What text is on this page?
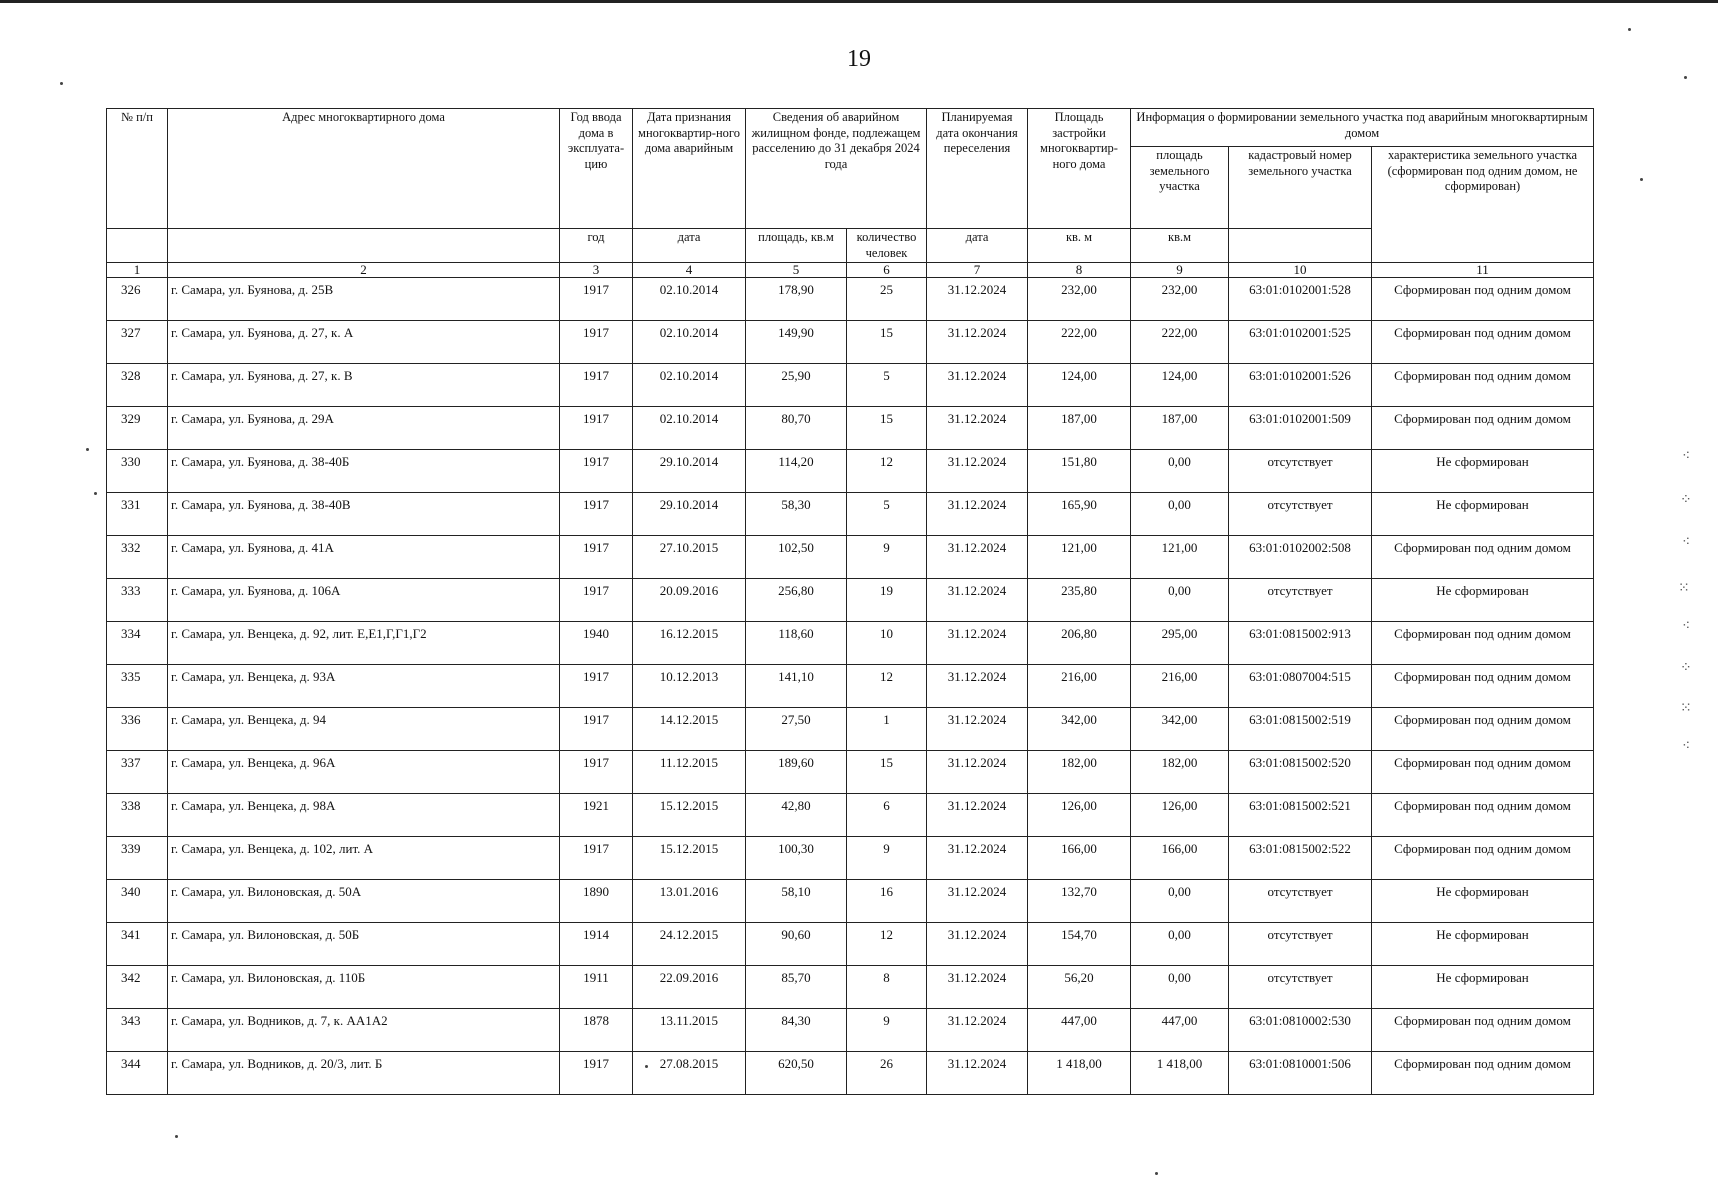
19
№ п/п	Адрес многоквартирного дома	Год ввода дома в эксплуата-цию	Дата признания многоквартир-ного дома аварийным	Сведения об аварийном жилищном фонде, подлежащем расселению до 31 декабря 2024 года		Планируемая дата окончания переселения	Площадь застройки многоквартир-ного дома	Информация о формировании земельного участка под аварийным многоквартирным домом		
								площадь земельного участка	кадастровый номер земельного участка	характеристика земельного участка (сформирован под одним домом, не сформирован)
		год	дата	площадь, кв.м	количество человек	дата	кв. м	кв.м		
1	2	3	4	5	6	7	8	9	10	11
326	г. Самара, ул. Буянова, д. 25В	1917	02.10.2014	178,90	25	31.12.2024	232,00	232,00	63:01:0102001:528	Сформирован под одним домом
327	г. Самара, ул. Буянова, д. 27, к. А	1917	02.10.2014	149,90	15	31.12.2024	222,00	222,00	63:01:0102001:525	Сформирован под одним домом
328	г. Самара, ул. Буянова, д. 27, к. В	1917	02.10.2014	25,90	5	31.12.2024	124,00	124,00	63:01:0102001:526	Сформирован под одним домом
329	г. Самара, ул. Буянова, д. 29А	1917	02.10.2014	80,70	15	31.12.2024	187,00	187,00	63:01:0102001:509	Сформирован под одним домом
330	г. Самара, ул. Буянова, д. 38-40Б	1917	29.10.2014	114,20	12	31.12.2024	151,80	0,00	отсутствует	Не сформирован
331	г. Самара, ул. Буянова, д. 38-40В	1917	29.10.2014	58,30	5	31.12.2024	165,90	0,00	отсутствует	Не сформирован
332	г. Самара, ул. Буянова, д. 41А	1917	27.10.2015	102,50	9	31.12.2024	121,00	121,00	63:01:0102002:508	Сформирован под одним домом
333	г. Самара, ул. Буянова, д. 106А	1917	20.09.2016	256,80	19	31.12.2024	235,80	0,00	отсутствует	Не сформирован
334	г. Самара, ул. Венцека, д. 92, лит. Е,Е1,Г,Г1,Г2	1940	16.12.2015	118,60	10	31.12.2024	206,80	295,00	63:01:0815002:913	Сформирован под одним домом
335	г. Самара, ул. Венцека, д. 93А	1917	10.12.2013	141,10	12	31.12.2024	216,00	216,00	63:01:0807004:515	Сформирован под одним домом
336	г. Самара, ул. Венцека, д. 94	1917	14.12.2015	27,50	1	31.12.2024	342,00	342,00	63:01:0815002:519	Сформирован под одним домом
337	г. Самара, ул. Венцека, д. 96А	1917	11.12.2015	189,60	15	31.12.2024	182,00	182,00	63:01:0815002:520	Сформирован под одним домом
338	г. Самара, ул. Венцека, д. 98А	1921	15.12.2015	42,80	6	31.12.2024	126,00	126,00	63:01:0815002:521	Сформирован под одним домом
339	г. Самара, ул. Венцека, д. 102, лит. А	1917	15.12.2015	100,30	9	31.12.2024	166,00	166,00	63:01:0815002:522	Сформирован под одним домом
340	г. Самара, ул. Вилоновская, д. 50А	1890	13.01.2016	58,10	16	31.12.2024	132,70	0,00	отсутствует	Не сформирован
341	г. Самара, ул. Вилоновская, д. 50Б	1914	24.12.2015	90,60	12	31.12.2024	154,70	0,00	отсутствует	Не сформирован
342	г. Самара, ул. Вилоновская, д. 110Б	1911	22.09.2016	85,70	8	31.12.2024	56,20	0,00	отсутствует	Не сформирован
343	г. Самара, ул. Водников, д. 7, к. АА1А2	1878	13.11.2015	84,30	9	31.12.2024	447,00	447,00	63:01:0810002:530	Сформирован под одним домом
344	г. Самара, ул. Водников, д. 20/3, лит. Б	1917	27.08.2015	620,50	26	31.12.2024	1 418,00	1 418,00	63:01:0810001:506	Сформирован под одним домом
⁖
⁘
⁖
⁙
⁖
⁘
⁙
⁖
